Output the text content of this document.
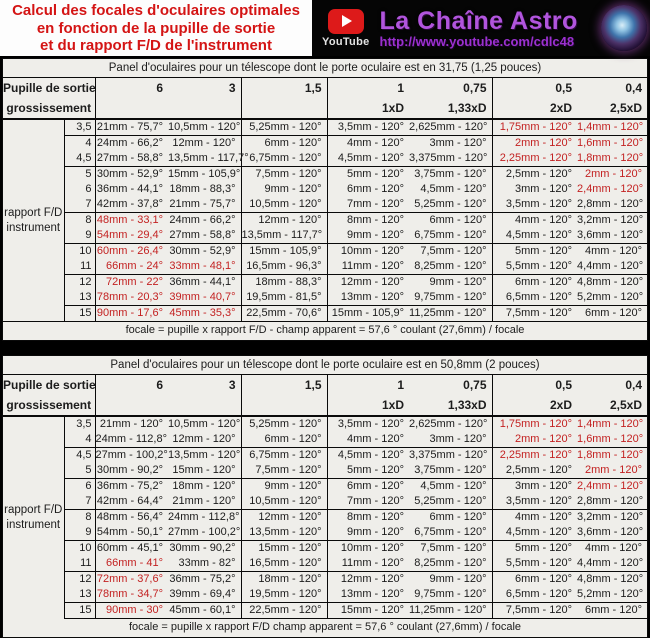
Calcul des focales d'oculaires optimales
en fonction de la pupille de sortie
et du rapport F/D de l'instrument	YouTube
La Chaîne Astro
http://www.youtube.com/cdlc48
Panel d'oculaires pour un télescope dont le porte oculaire est en 31,75 (1,25 pouces)
Pupille de sortie
grossissement		6	3	1,5	1	0,75	0,5	0,4
					1xD	1,33xD	2xD	2,5xD

rapport F/D
instrument	3,5	21mm - 75,7°	10,5mm - 120°	5,25mm - 120°	3,5mm - 120°	2,625mm - 120°	1,75mm - 120°	1,4mm - 120°
	4	24mm - 66,2°	12mm - 120°	6mm - 120°	4mm - 120°	3mm - 120°	2mm - 120°	1,6mm - 120°
	4,5	27mm - 58,8°	13,5mm - 117,7°	6,75mm - 120°	4,5mm - 120°	3,375mm - 120°	2,25mm - 120°	1,8mm - 120°
	5	30mm - 52,9°	15mm - 105,9°	7,5mm - 120°	5mm - 120°	3,75mm - 120°	2,5mm - 120°	2mm - 120°
	6	36mm - 44,1°	18mm - 88,3°	9mm - 120°	6mm - 120°	4,5mm - 120°	3mm - 120°	2,4mm - 120°
	7	42mm - 37,8°	21mm - 75,7°	10,5mm - 120°	7mm - 120°	5,25mm - 120°	3,5mm - 120°	2,8mm - 120°
	8	48mm - 33,1°	24mm - 66,2°	12mm - 120°	8mm - 120°	6mm - 120°	4mm - 120°	3,2mm - 120°
	9	54mm - 29,4°	27mm - 58,8°	13,5mm - 117,7°	9mm - 120°	6,75mm - 120°	4,5mm - 120°	3,6mm - 120°
	10	60mm - 26,4°	30mm - 52,9°	15mm - 105,9°	10mm - 120°	7,5mm - 120°	5mm - 120°	4mm - 120°
	11	66mm - 24°	33mm - 48,1°	16,5mm - 96,3°	11mm - 120°	8,25mm - 120°	5,5mm - 120°	4,4mm - 120°
	12	72mm - 22°	36mm - 44,1°	18mm - 88,3°	12mm - 120°	9mm - 120°	6mm - 120°	4,8mm - 120°
	13	78mm - 20,3°	39mm - 40,7°	19,5mm - 81,5°	13mm - 120°	9,75mm - 120°	6,5mm - 120°	5,2mm - 120°
	15	90mm - 17,6°	45mm - 35,3°	22,5mm - 70,6°	15mm - 105,9°	11,25mm - 120°	7,5mm - 120°	6mm - 120°
focale = pupille x rapport F/D - champ apparent = 57,6 ° coulant (27,6mm) / focale
Panel d'oculaires pour un télescope dont le porte oculaire est en 50,8mm (2 pouces)
Pupille de sortie
grossissement		6	3	1,5	1	0,75	0,5	0,4
					1xD	1,33xD	2xD	2,5xD

rapport F/D
instrument	3,5	21mm - 120°	10,5mm - 120°	5,25mm - 120°	3,5mm - 120°	2,625mm - 120°	1,75mm - 120°	1,4mm - 120°
	4	24mm - 112,8°	12mm - 120°	6mm - 120°	4mm - 120°	3mm - 120°	2mm - 120°	1,6mm - 120°
	4,5	27mm - 100,2°	13,5mm - 120°	6,75mm - 120°	4,5mm - 120°	3,375mm - 120°	2,25mm - 120°	1,8mm - 120°
	5	30mm - 90,2°	15mm - 120°	7,5mm - 120°	5mm - 120°	3,75mm - 120°	2,5mm - 120°	2mm - 120°
	6	36mm - 75,2°	18mm - 120°	9mm - 120°	6mm - 120°	4,5mm - 120°	3mm - 120°	2,4mm - 120°
	7	42mm - 64,4°	21mm - 120°	10,5mm - 120°	7mm - 120°	5,25mm - 120°	3,5mm - 120°	2,8mm - 120°
	8	48mm - 56,4°	24mm - 112,8°	12mm - 120°	8mm - 120°	6mm - 120°	4mm - 120°	3,2mm - 120°
	9	54mm - 50,1°	27mm - 100,2°	13,5mm - 120°	9mm - 120°	6,75mm - 120°	4,5mm - 120°	3,6mm - 120°
	10	60mm - 45,1°	30mm - 90,2°	15mm - 120°	10mm - 120°	7,5mm - 120°	5mm - 120°	4mm - 120°
	11	66mm - 41°	33mm - 82°	16,5mm - 120°	11mm - 120°	8,25mm - 120°	5,5mm - 120°	4,4mm - 120°
	12	72mm - 37,6°	36mm - 75,2°	18mm - 120°	12mm - 120°	9mm - 120°	6mm - 120°	4,8mm - 120°
	13	78mm - 34,7°	39mm - 69,4°	19,5mm - 120°	13mm - 120°	9,75mm - 120°	6,5mm - 120°	5,2mm - 120°
	15	90mm - 30°	45mm - 60,1°	22,5mm - 120°	15mm - 120°	11,25mm - 120°	7,5mm - 120°	6mm - 120°
focale = pupille x rapport F/D champ apparent = 57,6 ° coulant (27,6mm) / focale
